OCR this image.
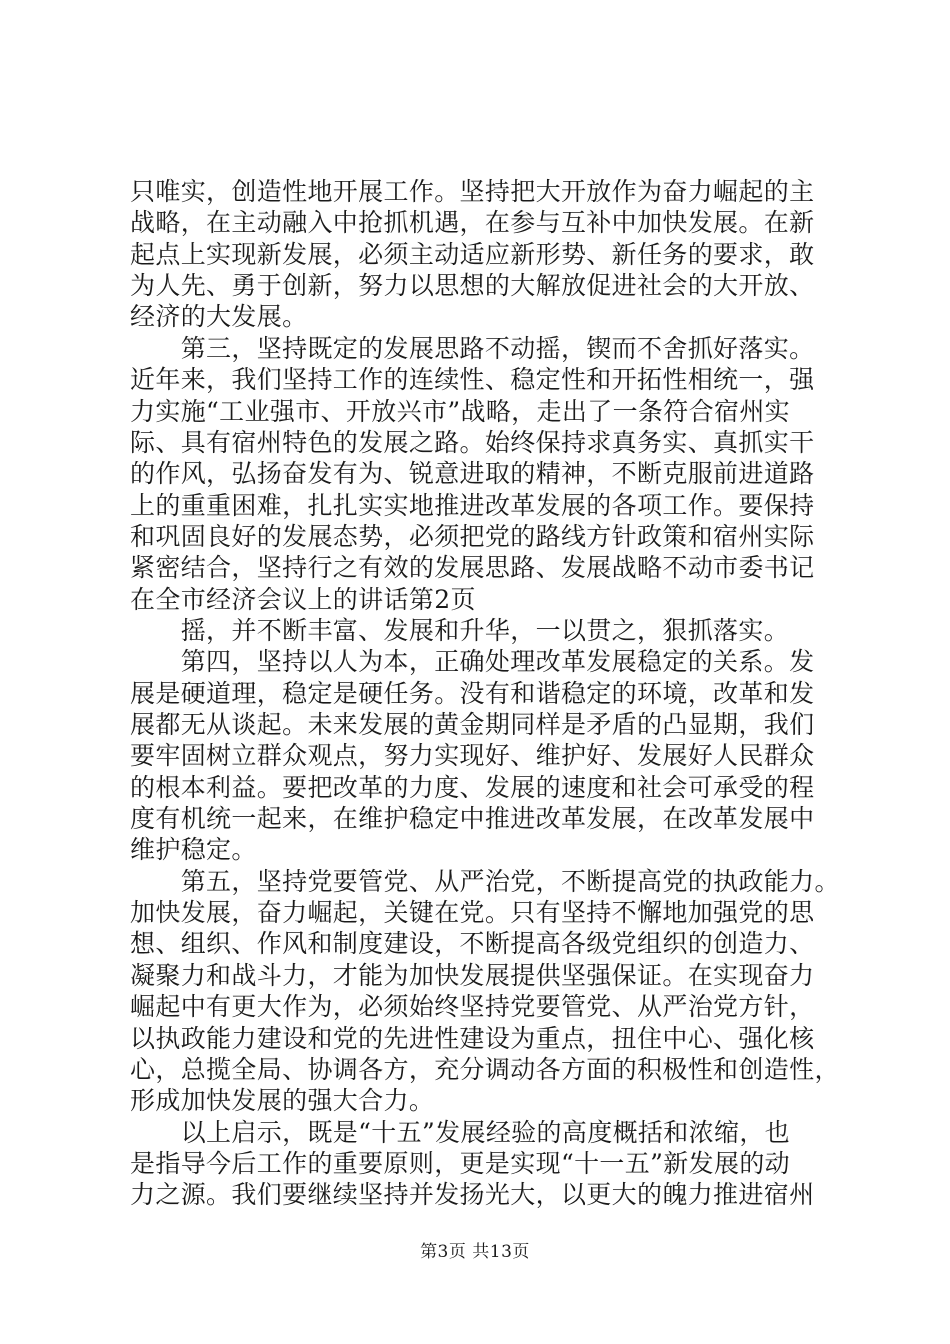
只唯实，创造性地开展工作。坚持把大开放作为奋力崛起的主
战略，在主动融入中抢抓机遇，在参与互补中加快发展。在新
起点上实现新发展，必须主动适应新形势、新任务的要求，敢
为人先、勇于创新，努力以思想的大解放促进社会的大开放、
经济的大发展。
　　第三，坚持既定的发展思路不动摇，锲而不舍抓好落实。
近年来，我们坚持工作的连续性、稳定性和开拓性相统一，强
力实施“工业强市、开放兴市”战略，走出了一条符合宿州实
际、具有宿州特色的发展之路。始终保持求真务实、真抓实干
的作风，弘扬奋发有为、锐意进取的精神，不断克服前进道路
上的重重困难，扎扎实实地推进改革发展的各项工作。要保持
和巩固良好的发展态势，必须把党的路线方针政策和宿州实际
紧密结合，坚持行之有效的发展思路、发展战略不动市委书记
在全市经济会议上的讲话第2页
　　摇，并不断丰富、发展和升华，一以贯之，狠抓落实。
　　第四，坚持以人为本，正确处理改革发展稳定的关系。发
展是硬道理，稳定是硬任务。没有和谐稳定的环境，改革和发
展都无从谈起。未来发展的黄金期同样是矛盾的凸显期，我们
要牢固树立群众观点，努力实现好、维护好、发展好人民群众
的根本利益。要把改革的力度、发展的速度和社会可承受的程
度有机统一起来，在维护稳定中推进改革发展，在改革发展中
维护稳定。
　　第五，坚持党要管党、从严治党，不断提高党的执政能力。
加快发展，奋力崛起，关键在党。只有坚持不懈地加强党的思
想、组织、作风和制度建设，不断提高各级党组织的创造力、
凝聚力和战斗力，才能为加快发展提供坚强保证。在实现奋力
崛起中有更大作为，必须始终坚持党要管党、从严治党方针，
以执政能力建设和党的先进性建设为重点，扭住中心、强化核
心，总揽全局、协调各方，充分调动各方面的积极性和创造性，
形成加快发展的强大合力。
　　以上启示，既是“十五”发展经验的高度概括和浓缩，也
是指导今后工作的重要原则，更是实现“十一五”新发展的动
力之源。我们要继续坚持并发扬光大，以更大的魄力推进宿州
第3页 共13页
